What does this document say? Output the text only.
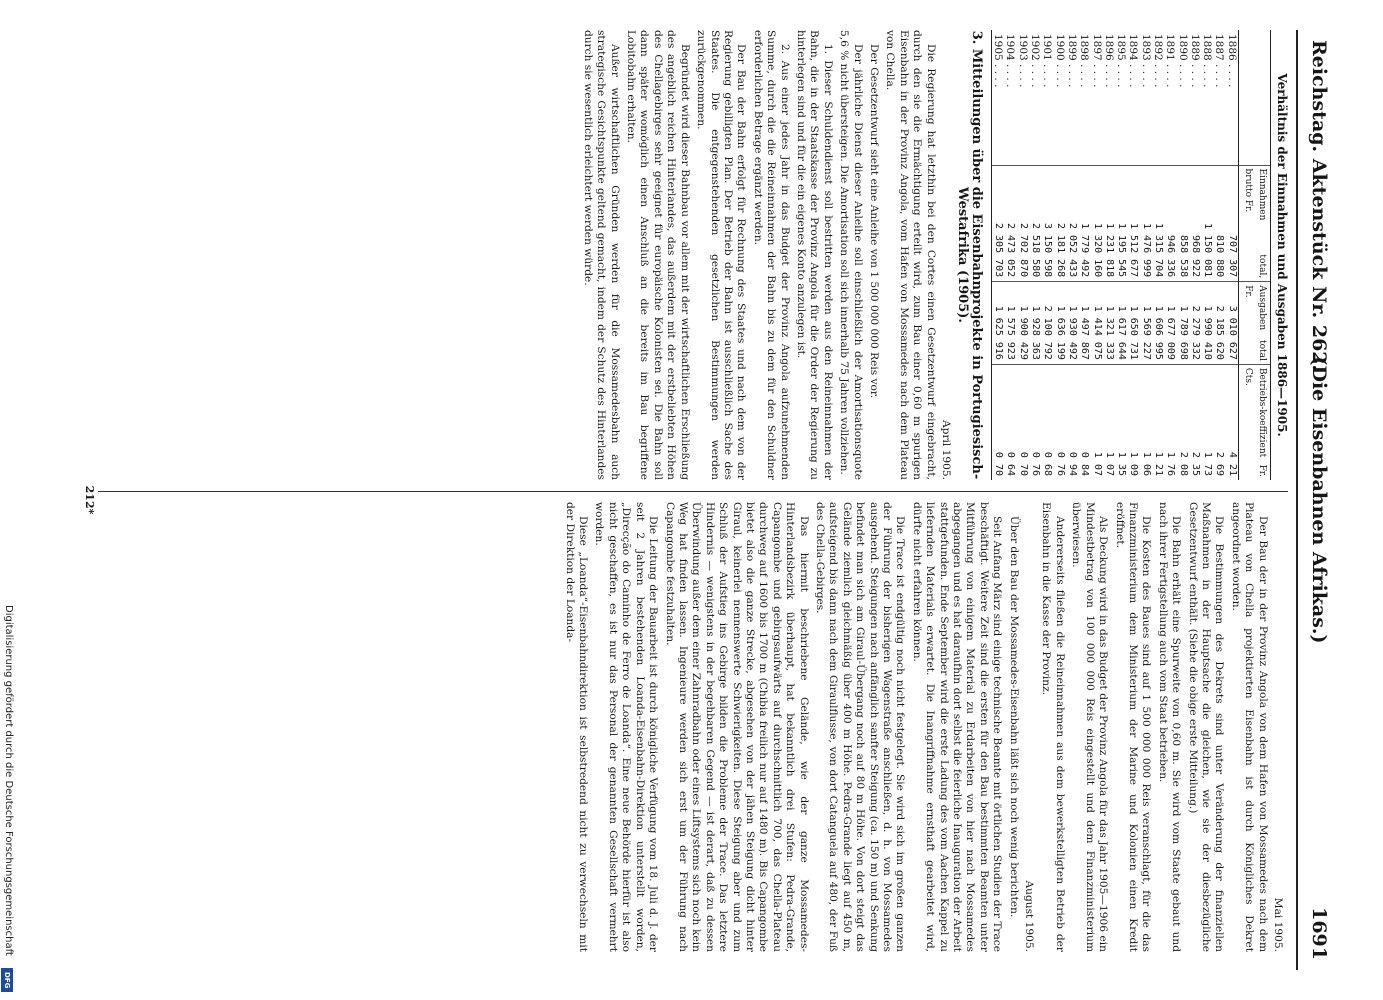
Reichstag. Aktenstück Nr. 262.
(Die Eisenbahnen Afrikas.)
1691
Verhältnis der Einnahmen und Ausgaben 1886—1905.
	Einnahmen total, brutto Fr.	Ausgaben total Fr.	Betriebs-koeffizient Fr. Cts.
1886 . . . .	707 307	3 010 627	4 21
1887 . . . .	810 880	2 185 620	2 69
1888 . . . .	1 150 081	1 990 410	1 73
1889 . . . .	968 922	2 279 332	2 35
1890 . . . .	858 538	1 789 698	2 08
1891 . . . .	946 336	1 677 009	1 76
1892 . . . .	1 315 704	1 606 995	1 21
1893 . . . .	1 476 999	1 569 227	1 06
1894 . . . .	1 512 677	1 650 731	1 09
1895 . . . .	1 195 545	1 617 644	1 35
1896 . . . .	1 231 818	1 321 333	1 07
1897 . . . .	1 320 160	1 414 075	1 07
1898 . . . .	1 779 492	1 497 867	0 84
1899 . . . .	2 052 433	1 930 492	0 94
1900 . . . .	2 181 268	1 636 199	0 76
1901 . . . .	3 150 598	2 100 792	0 68
1902 . . . .	2 518 580	1 928 363	0 76
1903 . . . .	2 702 870	1 900 429	0 70
1904 . . . .	2 473 052	1 575 923	0 64
1905 . . . .	2 305 703	1 625 916	0 70
3. Mitteilungen über die Eisenbahnprojekte in Portugiesisch-Westafrika (1905).
April 1905.

Die Regierung hat letzthin bei den Cortes einen Gesetzentwurf eingebracht, durch den sie die Ermächtigung erteilt wird, zum Bau einer 0,60 m spurigen Eisenbahn in der Provinz Angola, vom Hafen von Mossamedes nach dem Plateau von Chella.

Der Gesetzentwurf sieht eine Anleihe von 1 500 000 000 Reis vor.

Der jährliche Dienst dieser Anleihe soll einschließlich der Amortisationsquote 5,6 % nicht übersteigen. Die Amortisation soll sich innerhalb 75 Jahren vollziehen.

1. Dieser Schuldendienst soll bestritten werden aus den Reineinnahmen der Bahn, die in der Staatskasse der Provinz Angola für die Order der Regierung zu hinterlegen sind und für die ein eigenes Konto anzulegen ist.

2. Aus einer jedes Jahr in das Budget der Provinz Angola aufzunehmenden Summe, durch die die Reineinnahmen der Bahn bis zu dem für den Schuldner erforderlichen Betrage ergänzt werden.

Der Bau der Bahn erfolgt für Rechnung des Staates und nach dem von der Regierung gebilligten Plan. Der Betrieb der Bahn ist ausschließlich Sache des Staates. Die entgegenstehenden gesetzlichen Bestimmungen werden zurückgenommen.

Begründet wird dieser Bahnbau vor allem mit der wirtschaftlichen Erschließung des angeblich reichen Hinterlandes, das außerdem mit der erstbeliebten Höhen des Chellagebirges sehr geeignet für europäische Kolonisten sei. Die Bahn soll dann später womöglich einen Anschluß an die bereits im Bau begriffene Lobitobahn erhalten.

Außer wirtschaftlichen Gründen werden für die Mossamedesbahn auch strategische Gesichtspunkte geltend gemacht, indem der Schutz des Hinterlandes durch sie wesentlich erleichtert werden würde.

Mai 1905.

Der Bau der in der Provinz Angola von dem Hafen von Mossamedes nach dem Plateau von Chella projektierten Eisenbahn ist durch Königliches Dekret angeordnet worden.

Die Bestimmungen des Dekrets sind unter Veränderung der finanziellen Maßnahmen in der Hauptsache die gleichen, wie sie der diesbezügliche Gesetzentwurf enthält. (Siehe die obige erste Mitteilung.)

Die Bahn erhält eine Spurweite von 0,60 m. Sie wird vom Staate gebaut und nach ihrer Fertigstellung auch vom Staat betrieben.

Die Kosten des Baues sind auf 1 500 000 000 Reis veranschlagt, für die das Finanzministerium dem Ministerium der Marine und Kolonien einen Kredit eröffnet.

Als Deckung wird in das Budget der Provinz Angola für das Jahr 1905—1906 ein Mindestbetrag von 100 000 000 Reis eingestellt und dem Finanzministerium überwiesen.

Andererseits fließen die Reineinnahmen aus dem bewerkstelligten Betrieb der Eisenbahn in die Kasse der Provinz.

August 1905.

Über den Bau der Mossamedes-Eisenbahn läßt sich noch wenig berichten.

Seit Anfang März sind einige technische Beamte mit örtlichen Studien der Trace beschäftigt. Weitere Zeit sind die ersten für den Bau bestimmten Beamten unter Mitführung von einigem Material zu Erdarbeiten von hier nach Mossamedes abgegangen und es hat daraufhin dort selbst die feierliche Inauguration der Arbeit stattgefunden. Ende September wird die erste Ladung des vom Aachen Kappel zu liefernden Materials erwartet. Die Inangriffnahme ernsthaft gearbeitet wird, dürfte nicht erfahren können.

Die Trace ist endgültig noch nicht festgelegt. Sie wird sich im großen ganzen der Führung der bisherigen Wagenstraße anschließen, d. h. von Mossamedes ausgehend. Steigungen nach anfänglich sanfter Steigung (ca. 150 m) und Senkung befindet man sich am Giraul-Übergang noch auf 80 m Höhe. Von dort steigt das Gelände ziemlich gleichmäßig über 400 m Höhe. Pedra-Grande liegt auf 450 m, aufsteigend bis dann nach dem Giraulflusse, von dort Catanguela auf 480, der Fuß des Chella-Gebirges.

Das hiermit beschriebene Gelände, wie der ganze Mossamedes-Hinterlandsbezirk überhaupt, hat bekanntlich drei Stufen: Pedra-Grande, Capangombe und gebirgsaufwärts auf durchschnittlich 700, das Chella-Plateau durchweg auf 1600 bis 1700 m (Chibia freilich nur auf 1480 m). Bis Capangombe bietet also die ganze Strecke, abgesehen von der jähen Steigung dicht hinter Giraul, keinerlei nennenswerte Schwierigkeiten. Diese Steigung aber und zum Schluß der Aufstieg ins Gebirge bilden die Probleme der Trace. Das letztere Hindernis — wenigstens in der begehbaren Gegend — ist derart, daß zu dessen Überwindung außer dem einer Zahnradbahn oder eines Liftsystems sich noch kein Weg hat finden lassen. Ingenieure werden sich erst um der Führung nach Capangombe festzuhalten.

Die Leitung der Bauarbeit ist durch königliche Verfügung vom 18. Juli d. J. der seit 2 Jahren bestehenden Loanda-Eisenbahn-Direktion unterstellt worden, „Direcção do Caminho de Ferro de Loanda“. Eine neue Behörde hierfür ist also nicht geschaffen, es ist nur das Personal der genannten Gesellschaft vermehrt worden.

Diese „Loanda“-Eisenbahndirektion ist selbstredend nicht zu verwechseln mit der Direktion der Loanda-

212*
Digitalisierung gefördert durch die Deutsche Forschungsgemeinschaft
DFG
